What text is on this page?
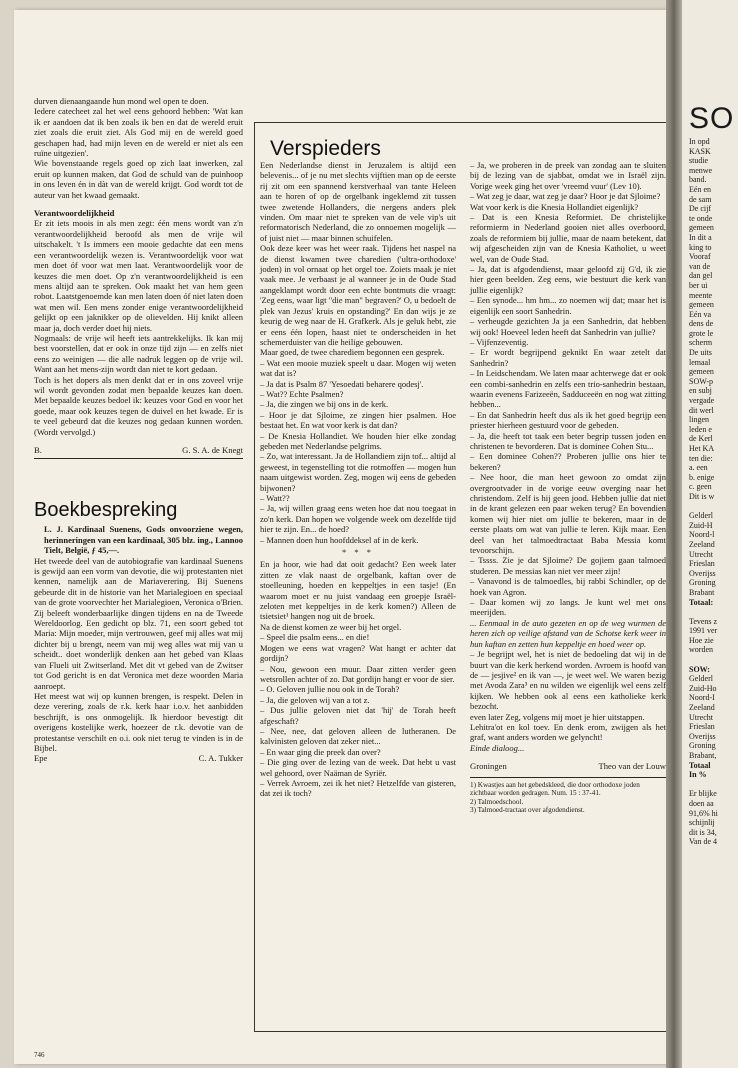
durven dienaangaande hun mond wel open te doen.

Iedere catecheet zal het wel eens gehoord hebben: 'Wat kan ik er aandoen dat ik ben zoals ik ben en dat de wereld eruit ziet zoals die eruit ziet. Als God mij en de wereld goed geschapen had, had mijn leven en de wereld er niet als een ruïne uitgezien'.

Wie bovenstaande regels goed op zich laat inwerken, zal eruit op kunnen maken, dat God de schuld van de puinhoop in ons leven én in dàt van de wereld krijgt. God wordt tot de auteur van het kwaad gemaakt.

Verantwoordelijkheid

Er zit iets moois in als men zegt: één mens wordt van z'n verantwoordelijkheid beroofd als men de vrije wil uitschakelt. 't Is immers een mooie gedachte dat een mens een verantwoordelijk wezen is. Verantwoordelijk voor wat men doet óf voor wat men laat. Verantwoordelijk voor de keuzes die men doet. Op z'n verantwoordelijkheid is een mens altijd aan te spreken. Ook maakt het van hem geen robot. Laatstgenoemde kan men laten doen óf niet laten doen wat men wil. Een mens zonder enige verantwoordelijkheid gelijkt op een jaknikker op de olievelden. Hij knikt alleen maar ja, doch verder doet hij niets.

Nogmaals: de vrije wil heeft iets aantrekkelijks. Ik kan mij best voorstellen, dat er ook in onze tijd zijn — en zelfs niet eens zo weinigen — die alle nadruk leggen op de vrije wil. Want aan het mens-zijn wordt dan niet te kort gedaan.

Toch is het dopers als men denkt dat er in ons zoveel vrije wil wordt gevonden zodat men bepaalde keuzes kan doen. Met bepaalde keuzes bedoel ik: keuzes voor God en voor het goede, maar ook keuzes tegen de duivel en het kwade. Er is te veel gebeurd dat die keuzes nog gedaan kunnen worden. (Wordt vervolgd.)

B.	G. S. A. de Knegt
Boekbespreking

L. J. Kardinaal Suenens, Gods onvoorziene wegen, herinneringen van een kardinaal, 305 blz. ing., Lannoo Tielt, België, ƒ 45,—.

Het tweede deel van de autobiografie van kardinaal Suenens is gewijd aan een vorm van devotie, die wij protestanten niet kennen, namelijk aan de Mariaverering. Bij Suenens gebeurde dit in de historie van het Marialegioen en speciaal van de grote voorvechter het Marialegioen, Veronica o'Brien. Zij beleeft wonderbaarlijke dingen tijdens en na de Tweede Wereldoorlog. Een gedicht op blz. 71, een soort gebed tot Maria: Mijn moeder, mijn vertrouwen, geef mij alles wat mij dichter bij u brengt, neem van mij weg alles wat mij van u scheidt.. doet wonderlijk denken aan het gebed van Klaas van Flueli uit Zwitserland. Met dit vt gebed van de Zwitser tot God gericht is en dat Veronica met deze woorden Maria aanroept.

Het meest wat wij op kunnen brengen, is respekt. Delen in deze verering, zoals de r.k. kerk haar i.o.v. het aanbidden beschrijft, is ons onmogelijk. Ik hierdoor bevestigt dit overigens kostelijke werk, hoezeer de r.k. devotie van de protestantse verschilt en o.i. ook niet terug te vinden is in de Bijbel.

Epe	C. A. Tukker
746
Verspieders

Een Nederlandse dienst in Jeruzalem is altijd een belevenis... of je nu met slechts vijftien man op de eerste rij zit om een spannend kerstverhaal van tante Heleen aan te horen of op de orgelbank ingeklemd zit tussen twee zwetende Hollanders, die nergens anders plek vinden. Om maar niet te spreken van de vele vip's uit reformatorisch Nederland, die zo onnoemen mogelijk — of juist niet — maar binnen schuifelen.

Ook deze keer was het weer raak. Tijdens het naspel na de dienst kwamen twee charedien ('ultra-orthodoxe' joden) in vol ornaat op het orgel toe. Zoiets maak je niet vaak mee. Je verbaast je al wanneer je in de Oude Stad aangeklampt wordt door een echte bontmuts die vraagt: 'Zeg eens, waar ligt "die man" begraven?' O, u bedoelt de plek van Jezus' kruis en opstanding?' En dan wijs je ze keurig de weg naar de H. Grafkerk. Als je geluk hebt, zie er eens één lopen, haast niet te onderscheiden in het schemerduister van die heilige gebouwen.

Maar goed, de twee charediem begonnen een gesprek.

– Wat een mooie muziek speelt u daar. Mogen wij weten wat dat is?

– Ja dat is Psalm 87 'Yesoedati beharere qodesj'.

– Wat?? Echte Psalmen?

– Ja, die zingen we bij ons in de kerk.

– Hoor je dat Sjloime, ze zingen hier psalmen. Hoe bestaat het. En wat voor kerk is dat dan?

– De Knesia Hollandiet. We houden hier elke zondag gebeden met Nederlandse pelgrims.

– Zo, wat interessant. Ja de Hollandiem zijn tof... altijd al geweest, in tegenstelling tot die rotmoffen — mogen hun naam uitgewist worden. Zeg, mogen wij eens de gebeden bijwonen?

– Watt??

– Ja, wij willen graag eens weten hoe dat nou toegaat in zo'n kerk. Dan hopen we volgende week om dezelfde tijd hier te zijn. En... de hoed?

– Mannen doen hun hoofddeksel af in de kerk.

* * *

En ja hoor, wie had dat ooit gedacht? Een week later zitten ze vlak naast de orgelbank, kaftan over de stoelleuning, hoeden en keppeltjes in een tasje! (En waarom moet er nu juist vandaag een groepje Israël-zeloten met keppeltjes in de kerk komen?) Alleen de tsietsiet¹ hangen nog uit de broek.

Na de dienst komen ze weer bij het orgel.

– Speel die psalm eens... en die!

Mogen we eens wat vragen? Wat hangt er achter dat gordijn?

– Nou, gewoon een muur. Daar zitten verder geen wetsrollen achter of zo. Dat gordijn hangt er voor de sier.

– O. Geloven jullie nou ook in de Torah?

– Ja, die geloven wij van a tot z.

– Dus jullie geloven niet dat 'hij' de Torah heeft afgeschaft?

– Nee, nee, dat geloven alleen de lutheranen. De kalvinisten geloven dat zeker niet...

– En waar ging die preek dan over?

– Die ging over de lezing van de week. Dat hebt u vast wel gehoord, over Naäman de Syriër.

– Verrek Avroem, zei ik het niet? Hetzelfde van gisteren, dat zei ik toch?

– Ja, we proberen in de preek van zondag aan te sluiten bij de lezing van de sjabbat, omdat we in Israël zijn. Vorige week ging het over 'vreemd vuur' (Lev 10).

– Wat zeg je daar, wat zeg je daar? Hoor je dat Sjloime?

Wat voor kerk is die Knesia Hollandiet eigenlijk?

– Dat is een Knesia Reformiet. De christelijke reformierm in Nederland gooien niet alles overboord, zoals de reformiem bij jullie, maar de naam betekent, dat wij afgescheiden zijn van de Knesia Katholiet, u weet wel, van de Oude Stad.

– Ja, dat is afgodendienst, maar geloofd zij G'd, ik zie hier geen beelden. Zeg eens, wie bestuurt die kerk van jullie eigenlijk?

– Een synode... hm hm... zo noemen wij dat; maar het is eigenlijk een soort Sanhedrin.

– verheugde gezichten Ja ja een Sanhedrin, dat hebben wij ook! Hoeveel leden heeft dat Sanhedrin van jullie?

– Vijfenzeventig.

– Er wordt begrijpend geknikt En waar zetelt dat Sanhedrin?

– In Leidschendam. We laten maar achterwege dat er ook een combi-sanhedrin en zelfs een trio-sanhedrin bestaan, waarin evenens Farizeeën, Sadduceeën en nog wat zitting hebben...

– En dat Sanhedrin heeft dus als ik het goed begrijp een priester hierheen gestuurd voor de gebeden.

– Ja, die heeft tot taak een beter begrip tussen joden en christenen te bevorderen. Dat is dominee Cohen Stu...

– Een dominee Cohen?? Proberen jullie ons hier te bekeren?

– Nee hoor, die man heet gewoon zo omdat zijn overgrootvader in de vorige eeuw overging naar het christendom. Zelf is hij geen jood. Hebben jullie dat niet in de krant gelezen een paar weken terug? En bovendien komen wij hier niet om jullie te bekeren, maar in de eerste plaats om wat van jullie te leren. Kijk maar. Een deel van het talmoedtractaat Baba Messia komt tevoorschijn.

– Tssss. Zie je dat Sjloime? De gojiem gaan talmoed studeren. De messias kan niet ver meer zijn!

– Vanavond is de talmoedles, bij rabbi Schindler, op de hoek van Agron.

– Daar komen wij zo langs. Je kunt wel met ons meerijden.

... Eenmaal in de auto gezeten en op de weg wurmen de heren zich op veilige afstand van de Schotse kerk weer in hun kaftan en zetten hun keppeltje en hoed weer op.

– Je begrijpt wel, het is niet de bedoeling dat wij in de buurt van die kerk herkend worden. Avroem is hoofd van de — jesjive² en ik van —, je weet wel. We waren bezig met Avoda Zara³ en nu wilden we eigenlijk wel eens zelf kijken. We hebben ook al eens een katholieke kerk bezocht.

even later Zeg, volgens mij moet je hier uitstappen.

Lehitra'ot en kol toev. En denk erom, zwijgen als het graf, want anders worden we gelyncht!

Einde dialoog...

Groningen	Theo van der Louw

1) Kwastjes aan het gebedskleed, die door orthodoxe joden zichtbaar worden gedragen. Num. 15 : 37-41.

2) Talmoedschool.

3) Talmoed-tractaat over afgodendienst.

SO
In opd
KASK
studie
menwe
band.
Eén en
de sam
De cijf
te onde
gemeen
In dit a
king to
Vooraf
van de
dan gel
ber ui
meente
gemeen
Eén va
dens de
grote le
scherm
De uits
lemaal
gemeen
SOW-p
en subj
vergade
dit werl
lingen
leden e
de Kerl
Het KA
ten die:
a. een
b. enige
c. geen
Dit is w
Gelderl
Zuid-H
Noord-l
Zeeland
Utrecht
Frieslan
Overijss
Groning
Brabant
Totaal:
Tevens z
1991 ver
Hoe zie
worden
SOW:
Gelderl
Zuid-Ho
Noord-I
Zeeland
Utrecht
Frieslan
Overijss
Groning
Brabant,
Totaal
In %
Er blijke
doen aa
91,6% hi
schijnlij
dit is 34,
Van de 4
